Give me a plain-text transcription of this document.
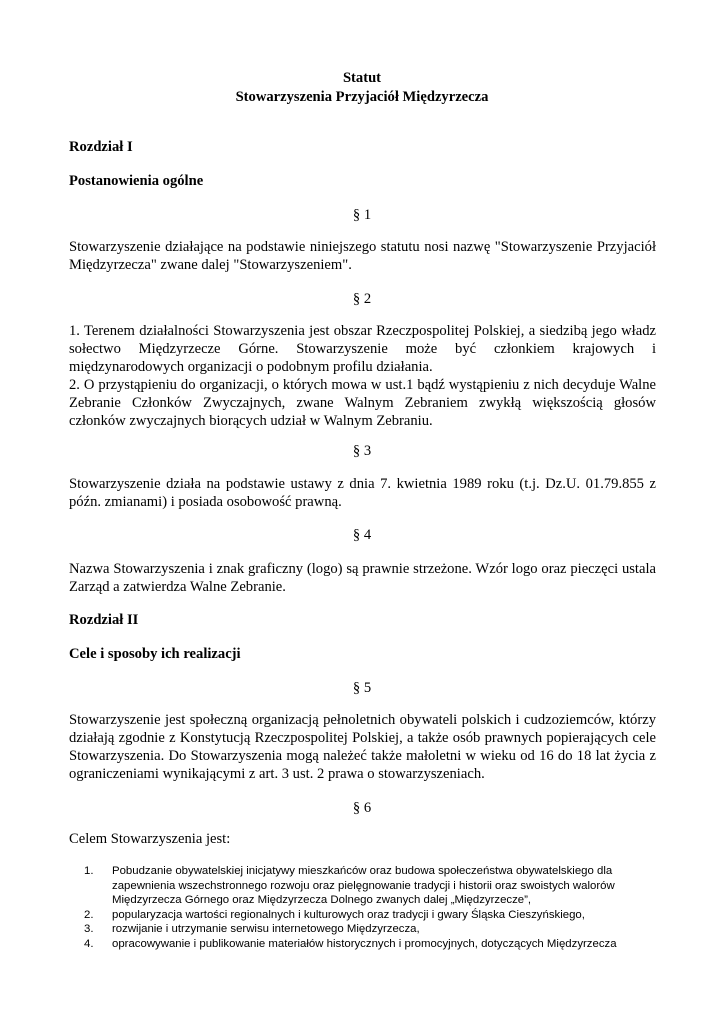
Statut
Stowarzyszenia Przyjaciół Międzyrzecza
Rozdział I
Postanowienia ogólne
§ 1

Stowarzyszenie działające na podstawie niniejszego statutu nosi nazwę "Stowarzyszenie Przyjaciół Międzyrzecza" zwane dalej "Stowarzyszeniem".

§ 2

1. Terenem działalności Stowarzyszenia jest obszar Rzeczpospolitej Polskiej, a siedzibą jego władz sołectwo Międzyrzecze Górne. Stowarzyszenie może być członkiem krajowych i międzynarodowych organizacji o podobnym profilu działania.

2. O przystąpieniu do organizacji, o których mowa w ust.1 bądź wystąpieniu z nich decyduje Walne Zebranie Członków Zwyczajnych, zwane Walnym Zebraniem zwykłą większością głosów członków zwyczajnych biorących udział w Walnym Zebraniu.

§ 3

Stowarzyszenie działa na podstawie ustawy z dnia 7. kwietnia 1989 roku (t.j. Dz.U. 01.79.855 z późn. zmianami) i posiada osobowość prawną.

§ 4

Nazwa Stowarzyszenia i znak graficzny (logo) są prawnie strzeżone. Wzór logo oraz pieczęci ustala Zarząd a zatwierdza Walne Zebranie.

Rozdział II
Cele i sposoby ich realizacji
§ 5

Stowarzyszenie jest społeczną organizacją pełnoletnich obywateli polskich i cudzoziemców, którzy działają zgodnie z Konstytucją Rzeczpospolitej Polskiej, a także osób prawnych popierających cele Stowarzyszenia. Do Stowarzyszenia mogą należeć także małoletni w wieku od 16 do 18 lat życia z ograniczeniami wynikającymi z art. 3 ust. 2 prawa o stowarzyszeniach.

§ 6

Celem Stowarzyszenia jest:

1. Pobudzanie obywatelskiej inicjatywy mieszkańców oraz budowa społeczeństwa obywatelskiego dla zapewnienia wszechstronnego rozwoju oraz pielęgnowanie tradycji i historii oraz swoistych walorów Międzyrzecza Górnego oraz Międzyrzecza Dolnego zwanych dalej „Międzyrzecze”,
2. popularyzacja wartości regionalnych i kulturowych oraz tradycji i gwary Śląska Cieszyńskiego,
3. rozwijanie i utrzymanie serwisu internetowego Międzyrzecza,
4. opracowywanie i publikowanie materiałów historycznych i promocyjnych, dotyczących Międzyrzecza
